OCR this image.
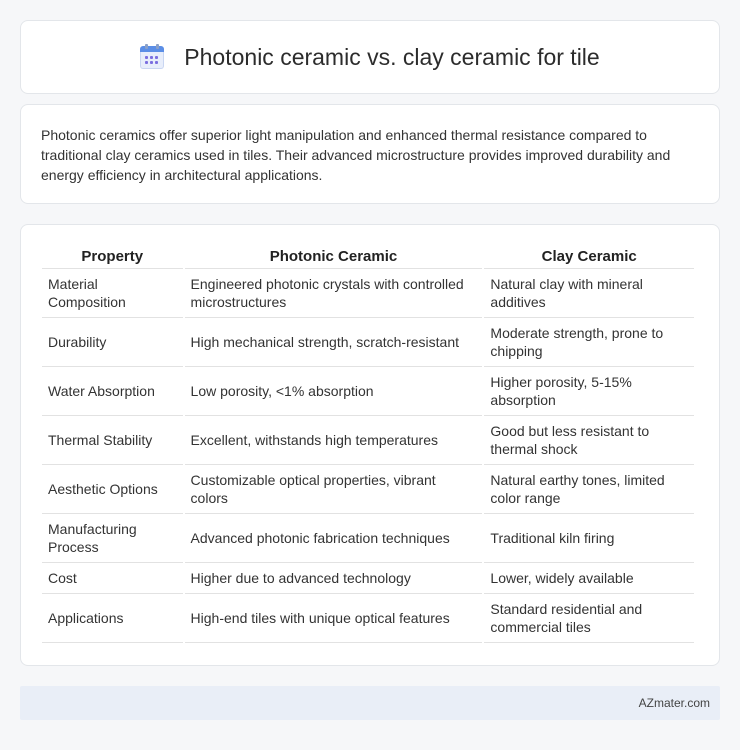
Photonic ceramic vs. clay ceramic for tile

Photonic ceramics offer superior light manipulation and enhanced thermal resistance compared to traditional clay ceramics used in tiles. Their advanced microstructure provides improved durability and energy efficiency in architectural applications.

Property	Photonic Ceramic	Clay Ceramic
Material Composition	Engineered photonic crystals with controlled microstructures	Natural clay with mineral additives
Durability	High mechanical strength, scratch-resistant	Moderate strength, prone to chipping
Water Absorption	Low porosity, <1% absorption	Higher porosity, 5-15% absorption
Thermal Stability	Excellent, withstands high temperatures	Good but less resistant to thermal shock
Aesthetic Options	Customizable optical properties, vibrant colors	Natural earthy tones, limited color range
Manufacturing Process	Advanced photonic fabrication techniques	Traditional kiln firing
Cost	Higher due to advanced technology	Lower, widely available
Applications	High-end tiles with unique optical features	Standard residential and commercial tiles
AZmater.com
